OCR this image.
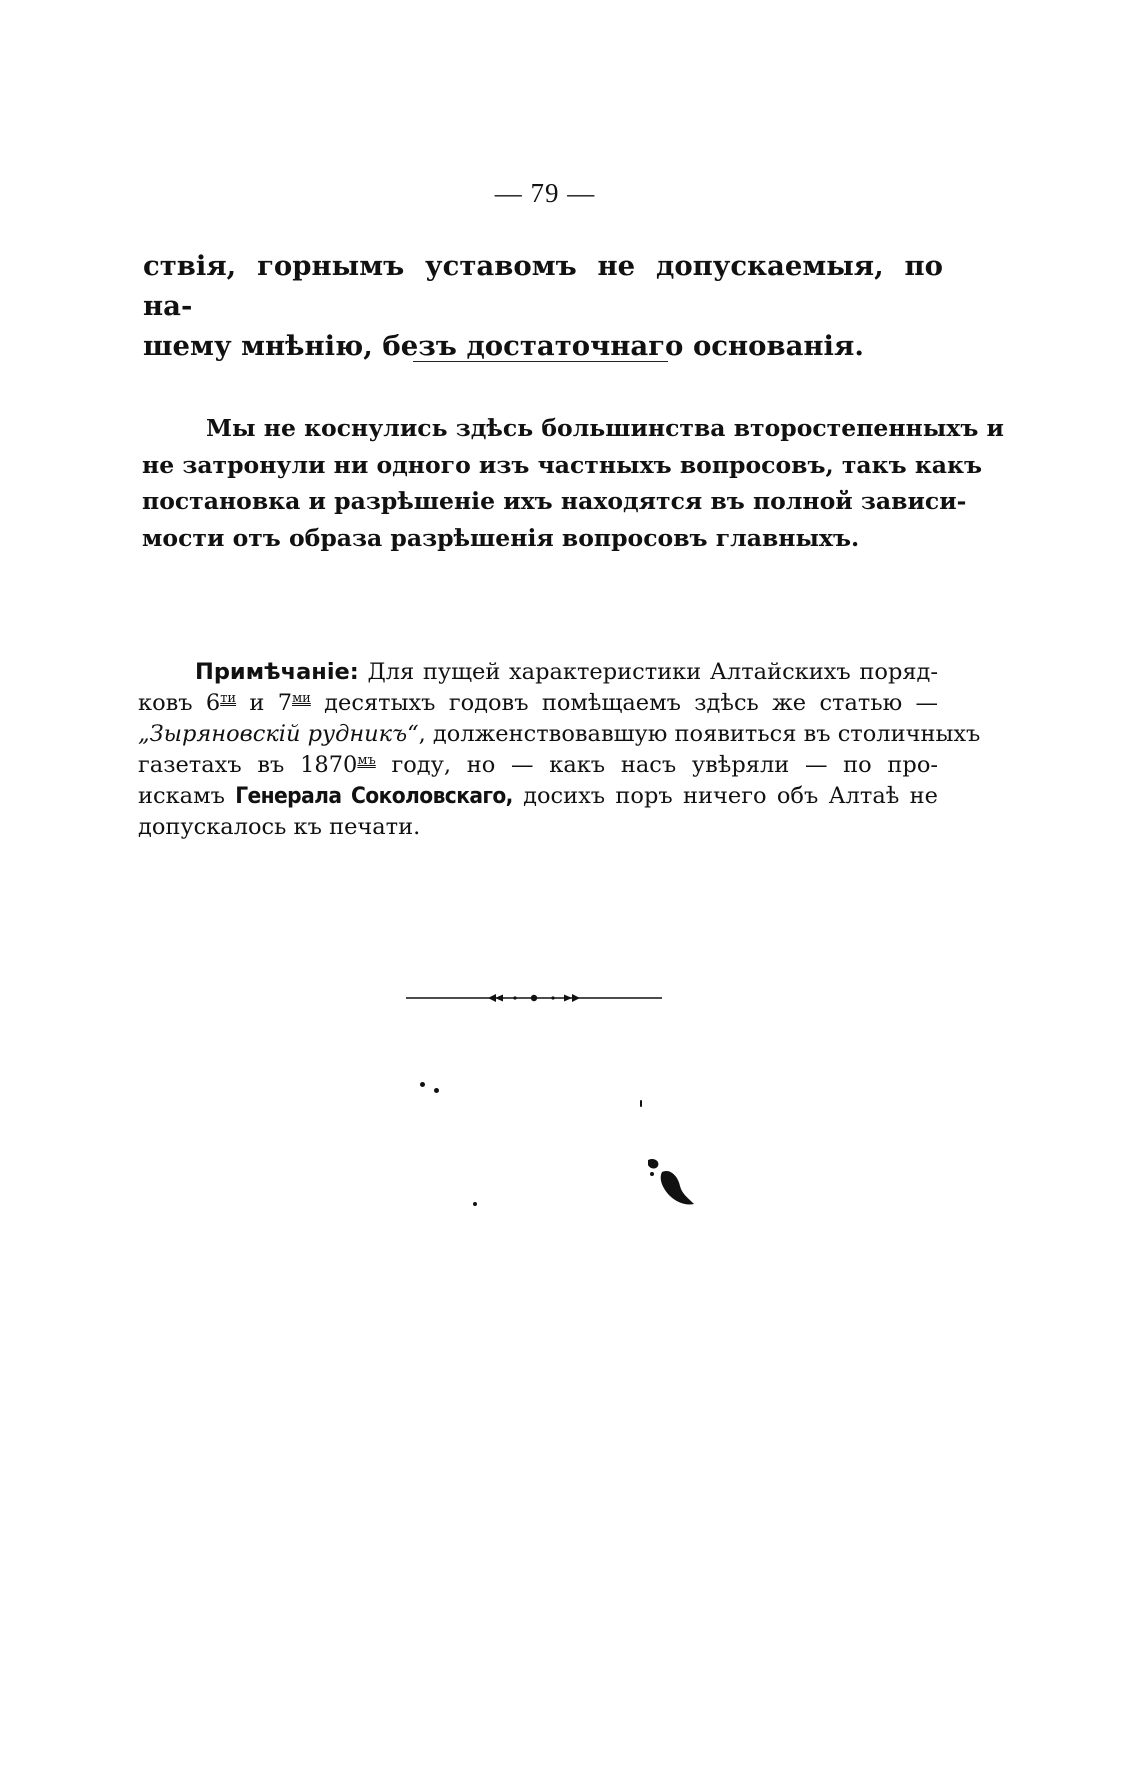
— 79 —
ствія, горнымъ уставомъ не допускаемыя, по на-
шему мнѣнію, безъ достаточнаго основанія.
Мы не коснулись здѣсь большинства второстепенныхъ и
не затронули ни одного изъ частныхъ вопросовъ, такъ какъ
постановка и разрѣшеніе ихъ находятся въ полной зависи-
мости отъ образа разрѣшенія вопросовъ главныхъ.
Примѣчаніе: Для пущей характеристики Алтайскихъ поряд-
ковъ $6^{ти}$ и $7^{ми}$ десятыхъ годовъ помѣщаемъ здѣсь же статью —
„Зыряновскій рудникъ“, долженствовавшую появиться въ столичныхъ
газетахъ въ $1870^{мъ}$ году, но — какъ насъ увѣряли — по про-
искамъ Генерала Соколовскаго, досихъ поръ ничего объ Алтаѣ не
допускалось къ печати.
